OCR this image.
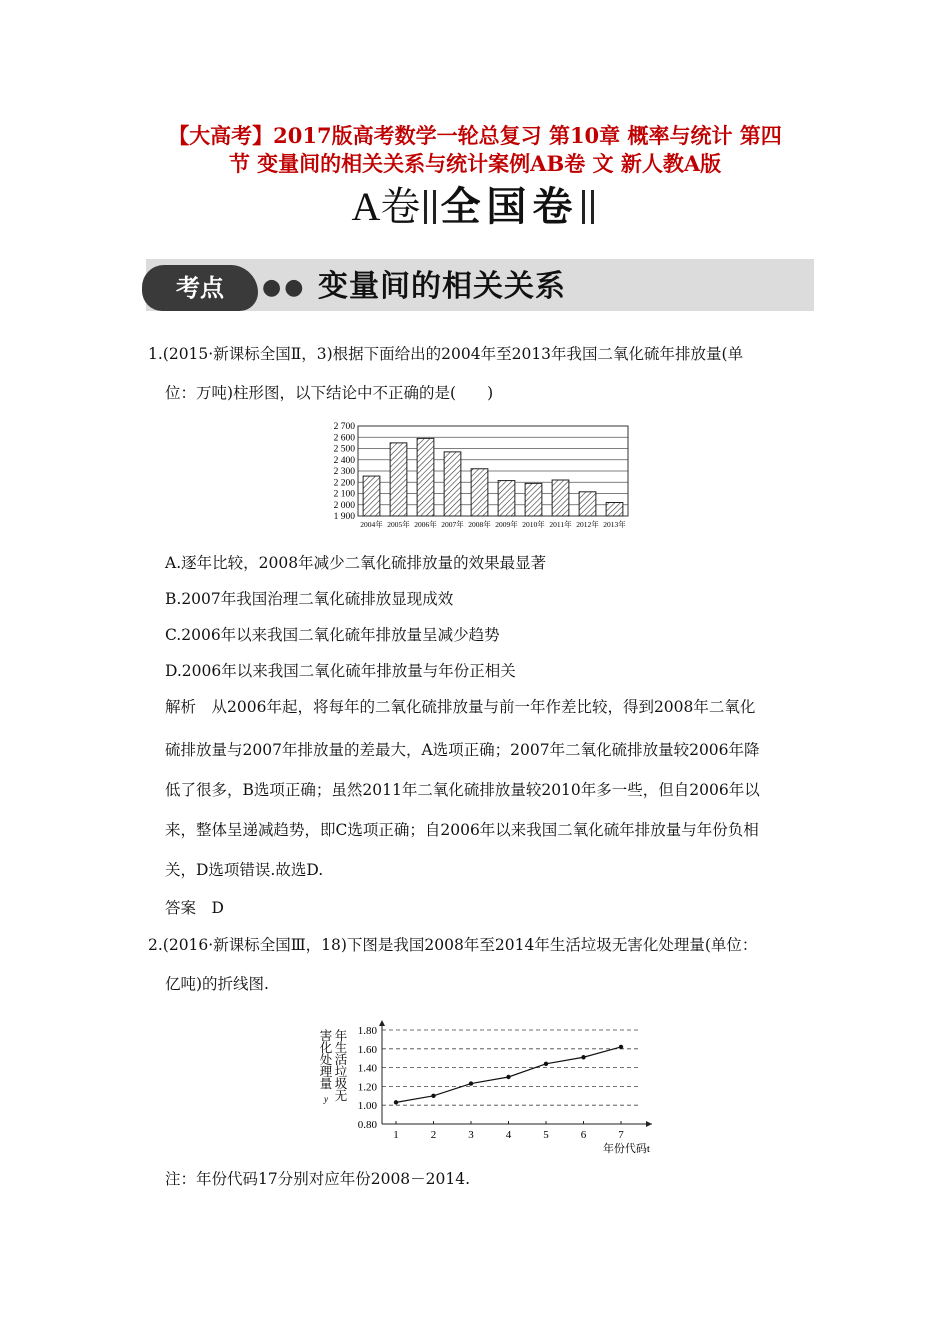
【大高考】2017版高考数学一轮总复习 第10章 概率与统计 第四
节 变量间的相关关系与统计案例AB卷 文 新人教A版
A卷 全国卷
考点	●● 变量间的相关关系
1.(2015·新课标全国Ⅱ，3)根据下面给出的2004年至2013年我国二氧化硫年排放量(单
位：万吨)柱形图，以下结论中不正确的是(　　)
1 900
2 000
2 100
2 200
2 300
2 400
2 500
2 600
2 700
2004年 2005年 2006年 2007年 2008年 2009年 2010年 2011年 2012年 2013年
A.逐年比较，2008年减少二氧化硫排放量的效果最显著
B.2007年我国治理二氧化硫排放显现成效
C.2006年以来我国二氧化硫年排放量呈减少趋势
D.2006年以来我国二氧化硫年排放量与年份正相关
解析　从2006年起，将每年的二氧化硫排放量与前一年作差比较，得到2008年二氧化
硫排放量与2007年排放量的差最大，A选项正确；2007年二氧化硫排放量较2006年降
低了很多，B选项正确；虽然2011年二氧化硫排放量较2010年多一些，但自2006年以
来，整体呈递减趋势，即C选项正确；自2006年以来我国二氧化硫年排放量与年份负相
关，D选项错误.故选D.
答案　D
2.(2016·新课标全国Ⅲ，18)下图是我国2008年至2014年生活垃圾无害化处理量(单位：
亿吨)的折线图.
年生活垃圾无
害化处理量
y
0.80
1.00
1.20
1.40
1.60
1.80
1	2	3	4	5	6	7
年份代码t
注：年份代码17分别对应年份2008－2014.
